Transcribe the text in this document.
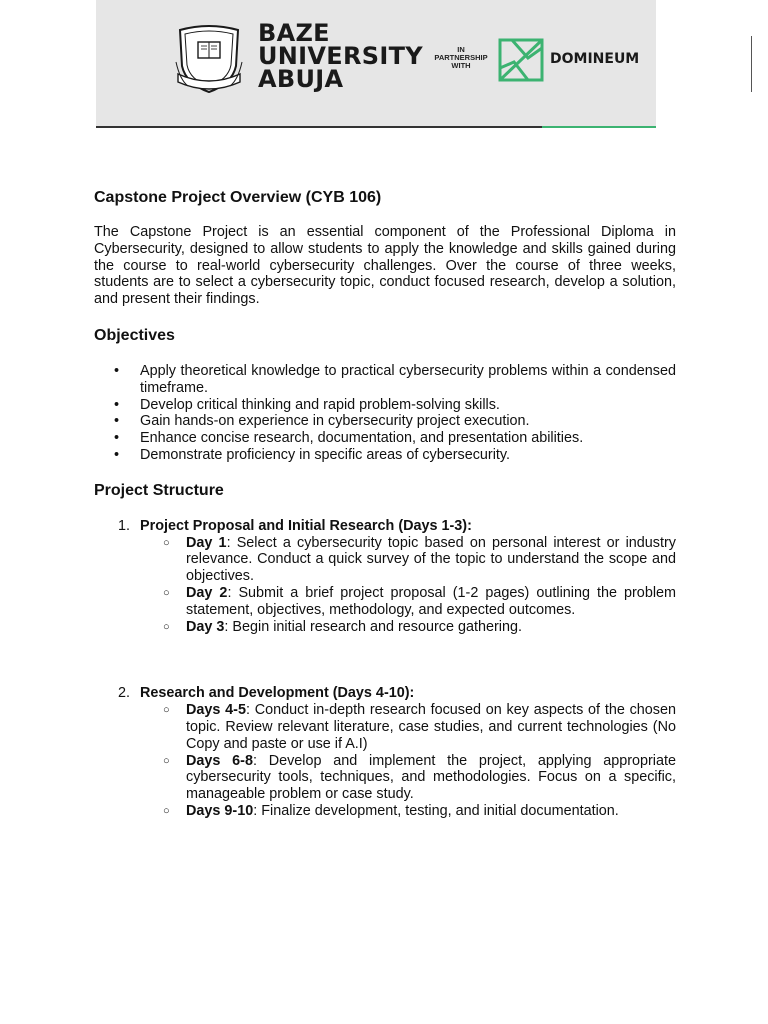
BAZE
UNIVERSITY
ABUJA
IN
PARTNERSHIP
WITH	DOMINEUM
Capstone Project Overview (CYB 106)

The Capstone Project is an essential component of the Professional Diploma in Cybersecurity, designed to allow students to apply the knowledge and skills gained during the course to real-world cybersecurity challenges. Over the course of three weeks, students are to select a cybersecurity topic, conduct focused research, develop a solution, and present their findings.

Objectives
• Apply theoretical knowledge to practical cybersecurity problems within a condensed timeframe.
• Develop critical thinking and rapid problem-solving skills.
• Gain hands-on experience in cybersecurity project execution.
• Enhance concise research, documentation, and presentation abilities.
• Demonstrate proficiency in specific areas of cybersecurity.
Project Structure
1. Project Proposal and Initial Research (Days 1-3):
○ Day 1: Select a cybersecurity topic based on personal interest or industry relevance. Conduct a quick survey of the topic to understand the scope and objectives.
○ Day 2: Submit a brief project proposal (1-2 pages) outlining the problem statement, objectives, methodology, and expected outcomes.
○ Day 3: Begin initial research and resource gathering.
2. Research and Development (Days 4-10):
○ Days 4-5: Conduct in-depth research focused on key aspects of the chosen topic. Review relevant literature, case studies, and current technologies (No Copy and paste or use if A.I)
○ Days 6-8: Develop and implement the project, applying appropriate cybersecurity tools, techniques, and methodologies. Focus on a specific, manageable problem or case study.
○ Days 9-10: Finalize development, testing, and initial documentation.
